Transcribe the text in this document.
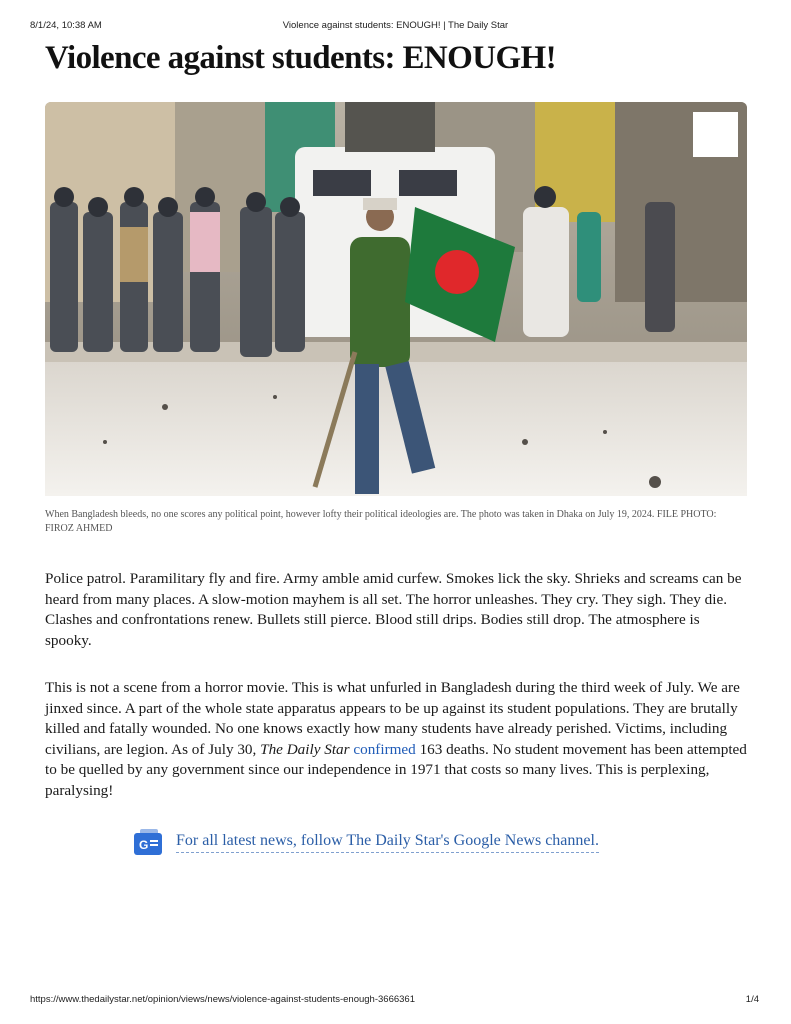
8/1/24, 10:38 AM	Violence against students: ENOUGH! | The Daily Star
Violence against students: ENOUGH!
When Bangladesh bleeds, no one scores any political point, however lofty their political ideologies are. The photo was taken in Dhaka on July 19, 2024. FILE PHOTO: FIROZ AHMED

Police patrol. Paramilitary fly and fire. Army amble amid curfew. Smokes lick the sky. Shrieks and screams can be heard from many places. A slow-motion mayhem is all set. The horror unleashes. They cry. They sigh. They die. Clashes and confrontations renew. Bullets still pierce. Blood still drips. Bodies still drop. The atmosphere is spooky.

This is not a scene from a horror movie. This is what unfurled in Bangladesh during the third week of July. We are jinxed since. A part of the whole state apparatus appears to be up against its student populations. They are brutally killed and fatally wounded. No one knows exactly how many students have already perished. Victims, including civilians, are legion. As of July 30, The Daily Star confirmed 163 deaths. No student movement has been attempted to be quelled by any government since our independence in 1971 that costs so many lives. This is perplexing, paralysing!

G For all latest news, follow The Daily Star's Google News channel.
https://www.thedailystar.net/opinion/views/news/violence-against-students-enough-3666361	1/4
